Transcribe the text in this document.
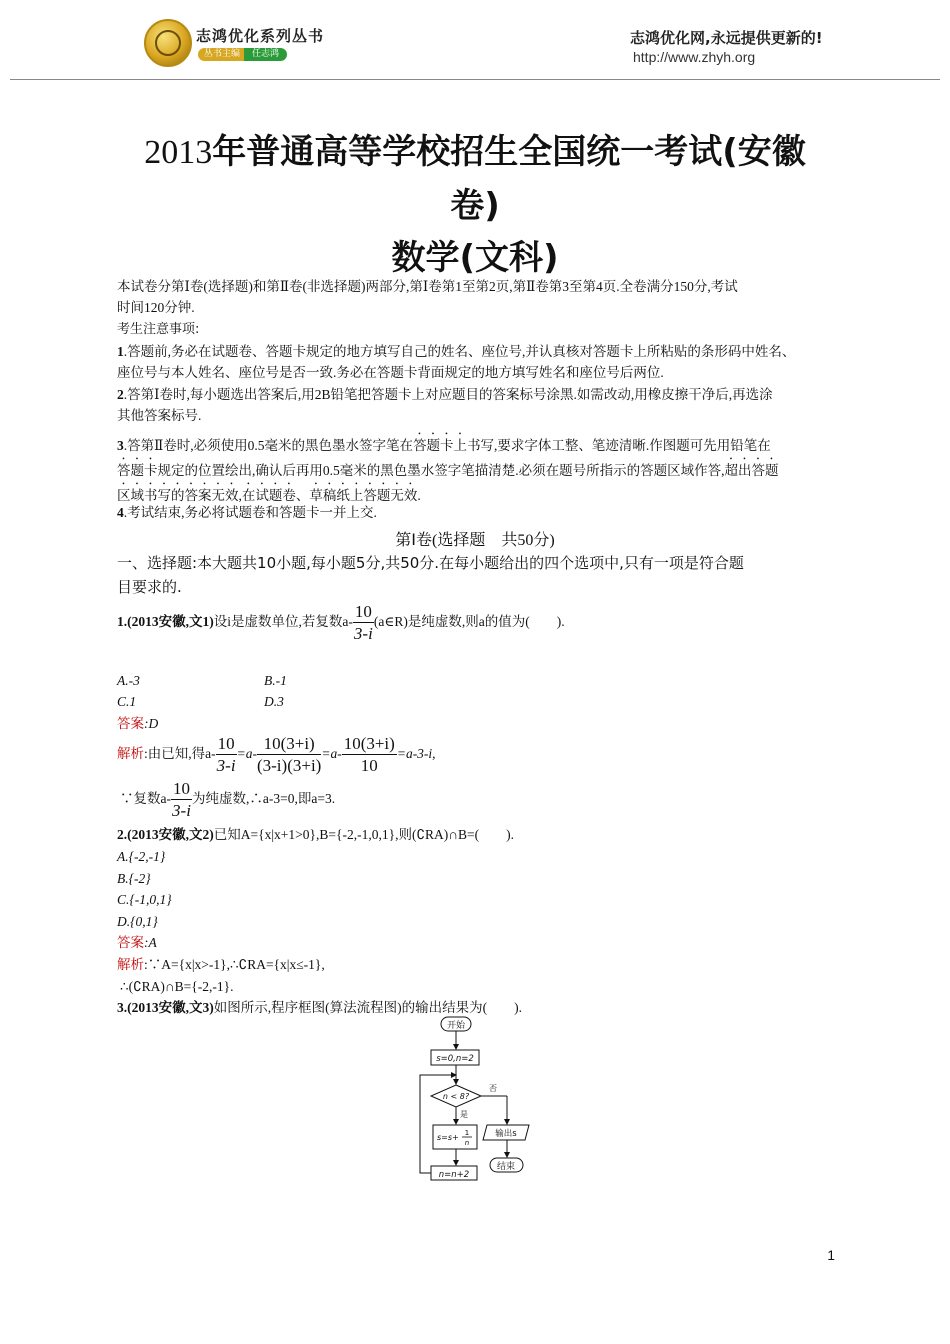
志鸿优化系列丛书
丛书主编	任志鸿
志鸿优化网,永远提供更新的!
http://www.zhyh.org
2013年普通高等学校招生全国统一考试(安徽
卷)
数学(文科)
本试卷分第Ⅰ卷(选择题)和第Ⅱ卷(非选择题)两部分,第Ⅰ卷第1至第2页,第Ⅱ卷第3至第4页.全卷满分150分,考试
时间120分钟.
考生注意事项:
1.答题前,务必在试题卷、答题卡规定的地方填写自己的姓名、座位号,并认真核对答题卡上所粘贴的条形码中姓名、
座位号与本人姓名、座位号是否一致.务必在答题卡背面规定的地方填写姓名和座位号后两位.
2.答第Ⅰ卷时,每小题选出答案后,用2B铅笔把答题卡上对应题目的答案标号涂黑.如需改动,用橡皮擦干净后,再选涂
其他答案标号.
3.答第Ⅱ卷时,必须使用0.5毫米的黑色墨水签字笔在答题卡上书写,要求字体工整、笔迹清晰.作图题可先用铅笔在
答题卡规定的位置绘出,确认后再用0.5毫米的黑色墨水签字笔描清楚.必须在题号所指示的答题区域作答,超出答题
区域书写的答案无效,在试题卷、草稿纸上答题无效.
4.考试结束,务必将试题卷和答题卡一并上交.
第Ⅰ卷(选择题　共50分)
一、选择题:本大题共10小题,每小题5分,共50分.在每小题给出的四个选项中,只有一项是符合题
目要求的.
1.(2013安徽,文1)设i是虚数单位,若复数$a- \frac{10}{3-i}$ (a∈R)是纯虚数,则a的值为(　　).
A.-3	B.-1
C.1	D.3
答案:D
解析:由已知,得$a- \frac{10}{3-i} =a- \frac{10(3+i)}{(3-i)(3+i)} =a- \frac{10(3+i)}{10} =a-3-i$,
∵复数$a- \frac{10}{3-i}$ 为纯虚数,∴a-3=0,即a=3.
2.(2013安徽,文2)已知A={x|x+1>0},B={-2,-1,0,1},则(∁RA)∩B=(　　).
A.{-2,-1}
B.{-2}
C.{-1,0,1}
D.{0,1}
答案:A
解析:∵A={x|x>-1},∴∁RA={x|x≤-1},
∴(∁RA)∩B={-2,-1}.
3.(2013安徽,文3)如图所示,程序框图(算法流程图)的输出结果为(　　).
开始
s=0,n=2
n < 8?
否
是
s=s+ 1
n
输出s
结束
n=n+2
1
